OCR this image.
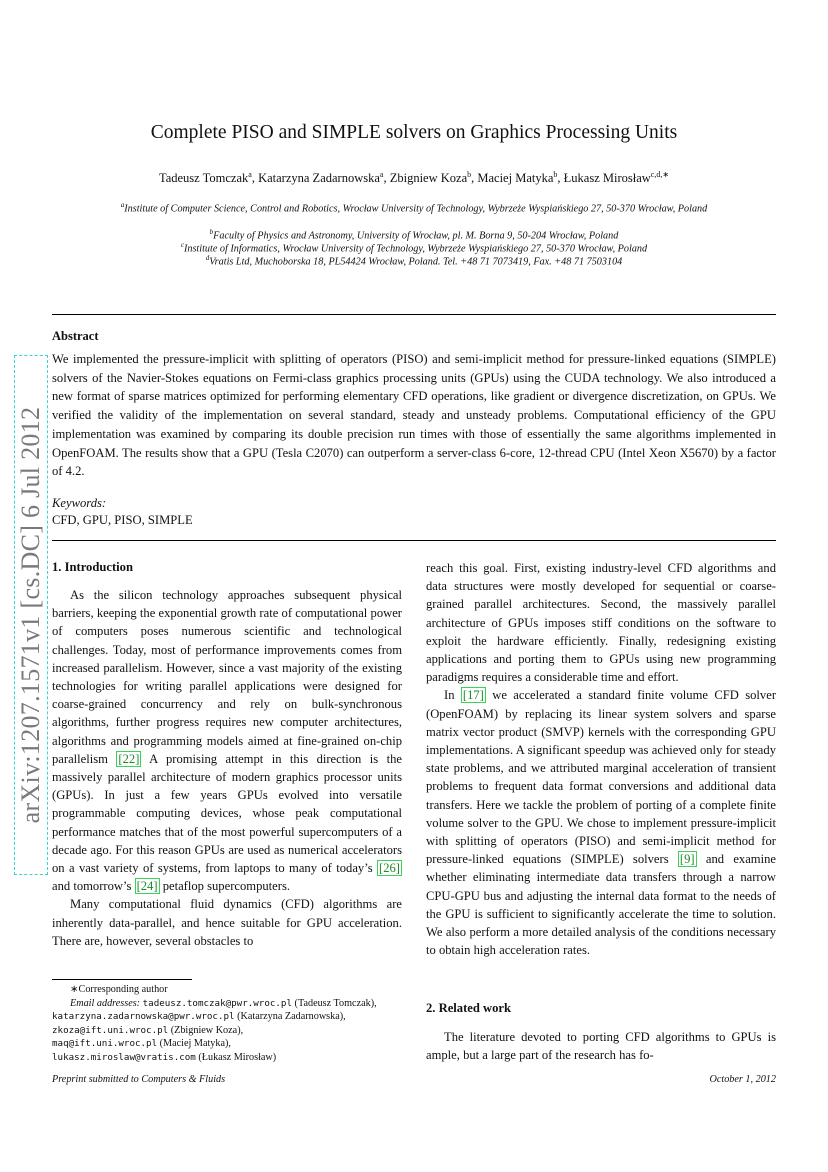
arXiv:1207.1571v1 [cs.DC] 6 Jul 2012
Complete PISO and SIMPLE solvers on Graphics Processing Units
Tadeusz Tomczak$^a$, Katarzyna Zadarnowska$^a$, Zbigniew Koza$^b$, Maciej Matyka$^b$, Łukasz Mirosław$^{c,d,∗}$
$^a$Institute of Computer Science, Control and Robotics, Wrocław University of Technology, Wybrzeże Wyspiańskiego 27, 50-370 Wrocław, Poland
$^b$Faculty of Physics and Astronomy, University of Wrocław, pl. M. Borna 9, 50-204 Wrocław, Poland
$^c$Institute of Informatics, Wrocław University of Technology, Wybrzeże Wyspiańskiego 27, 50-370 Wrocław, Poland
$^d$Vratis Ltd, Muchoborska 18, PL54424 Wrocław, Poland. Tel. +48 71 7073419, Fax. +48 71 7503104
Abstract
We implemented the pressure-implicit with splitting of operators (PISO) and semi-implicit method for pressure-linked equations (SIMPLE) solvers of the Navier-Stokes equations on Fermi-class graphics processing units (GPUs) using the CUDA technology. We also introduced a new format of sparse matrices optimized for performing elementary CFD operations, like gradient or divergence discretization, on GPUs. We verified the validity of the implementation on several standard, steady and unsteady problems. Computational efficiency of the GPU implementation was examined by comparing its double precision run times with those of essentially the same algorithms implemented in OpenFOAM. The results show that a GPU (Tesla C2070) can outperform a server-class 6-core, 12-thread CPU (Intel Xeon X5670) by a factor of 4.2.
Keywords:
CFD, GPU, PISO, SIMPLE
1. Introduction

As the silicon technology approaches subsequent physical barriers, keeping the exponential growth rate of computational power of computers poses numerous scientific and technological challenges. Today, most of performance improvements comes from increased parallelism. However, since a vast majority of the existing technologies for writing parallel applications were designed for coarse-grained concurrency and rely on bulk-synchronous algorithms, further progress requires new computer architectures, algorithms and programming models aimed at fine-grained on-chip parallelism [22] A promising attempt in this direction is the massively parallel architecture of modern graphics processor units (GPUs). In just a few years GPUs evolved into versatile programmable computing devices, whose peak computational performance matches that of the most powerful supercomputers of a decade ago. For this reason GPUs are used as numerical accelerators on a vast variety of systems, from laptops to many of today’s [26] and tomorrow’s [24] petaflop supercomputers.

Many computational fluid dynamics (CFD) algorithms are inherently data-parallel, and hence suitable for GPU acceleration. There are, however, several obstacles to

∗Corresponding author
Email addresses: tadeusz.tomczak@pwr.wroc.pl (Tadeusz Tomczak), katarzyna.zadarnowska@pwr.wroc.pl (Katarzyna Zadarnowska), zkoza@ift.uni.wroc.pl (Zbigniew Koza),
maq@ift.uni.wroc.pl (Maciej Matyka),
lukasz.miroslaw@vratis.com (Łukasz Mirosław)

reach this goal. First, existing industry-level CFD algorithms and data structures were mostly developed for sequential or coarse-grained parallel architectures. Second, the massively parallel architecture of GPUs imposes stiff conditions on the software to exploit the hardware efficiently. Finally, redesigning existing applications and porting them to GPUs using new programming paradigms requires a considerable time and effort.

In [17] we accelerated a standard finite volume CFD solver (OpenFOAM) by replacing its linear system solvers and sparse matrix vector product (SMVP) kernels with the corresponding GPU implementations. A significant speedup was achieved only for steady state problems, and we attributed marginal acceleration of transient problems to frequent data format conversions and additional data transfers. Here we tackle the problem of porting of a complete finite volume solver to the GPU. We chose to implement pressure-implicit with splitting of operators (PISO) and semi-implicit method for pressure-linked equations (SIMPLE) solvers [9] and examine whether eliminating intermediate data transfers through a narrow CPU-GPU bus and adjusting the internal data format to the needs of the GPU is sufficient to significantly accelerate the time to solution. We also perform a more detailed analysis of the conditions necessary to obtain high acceleration rates.

2. Related work

The literature devoted to porting CFD algorithms to GPUs is ample, but a large part of the research has fo-

Preprint submitted to Computers & Fluids	October 1, 2012
